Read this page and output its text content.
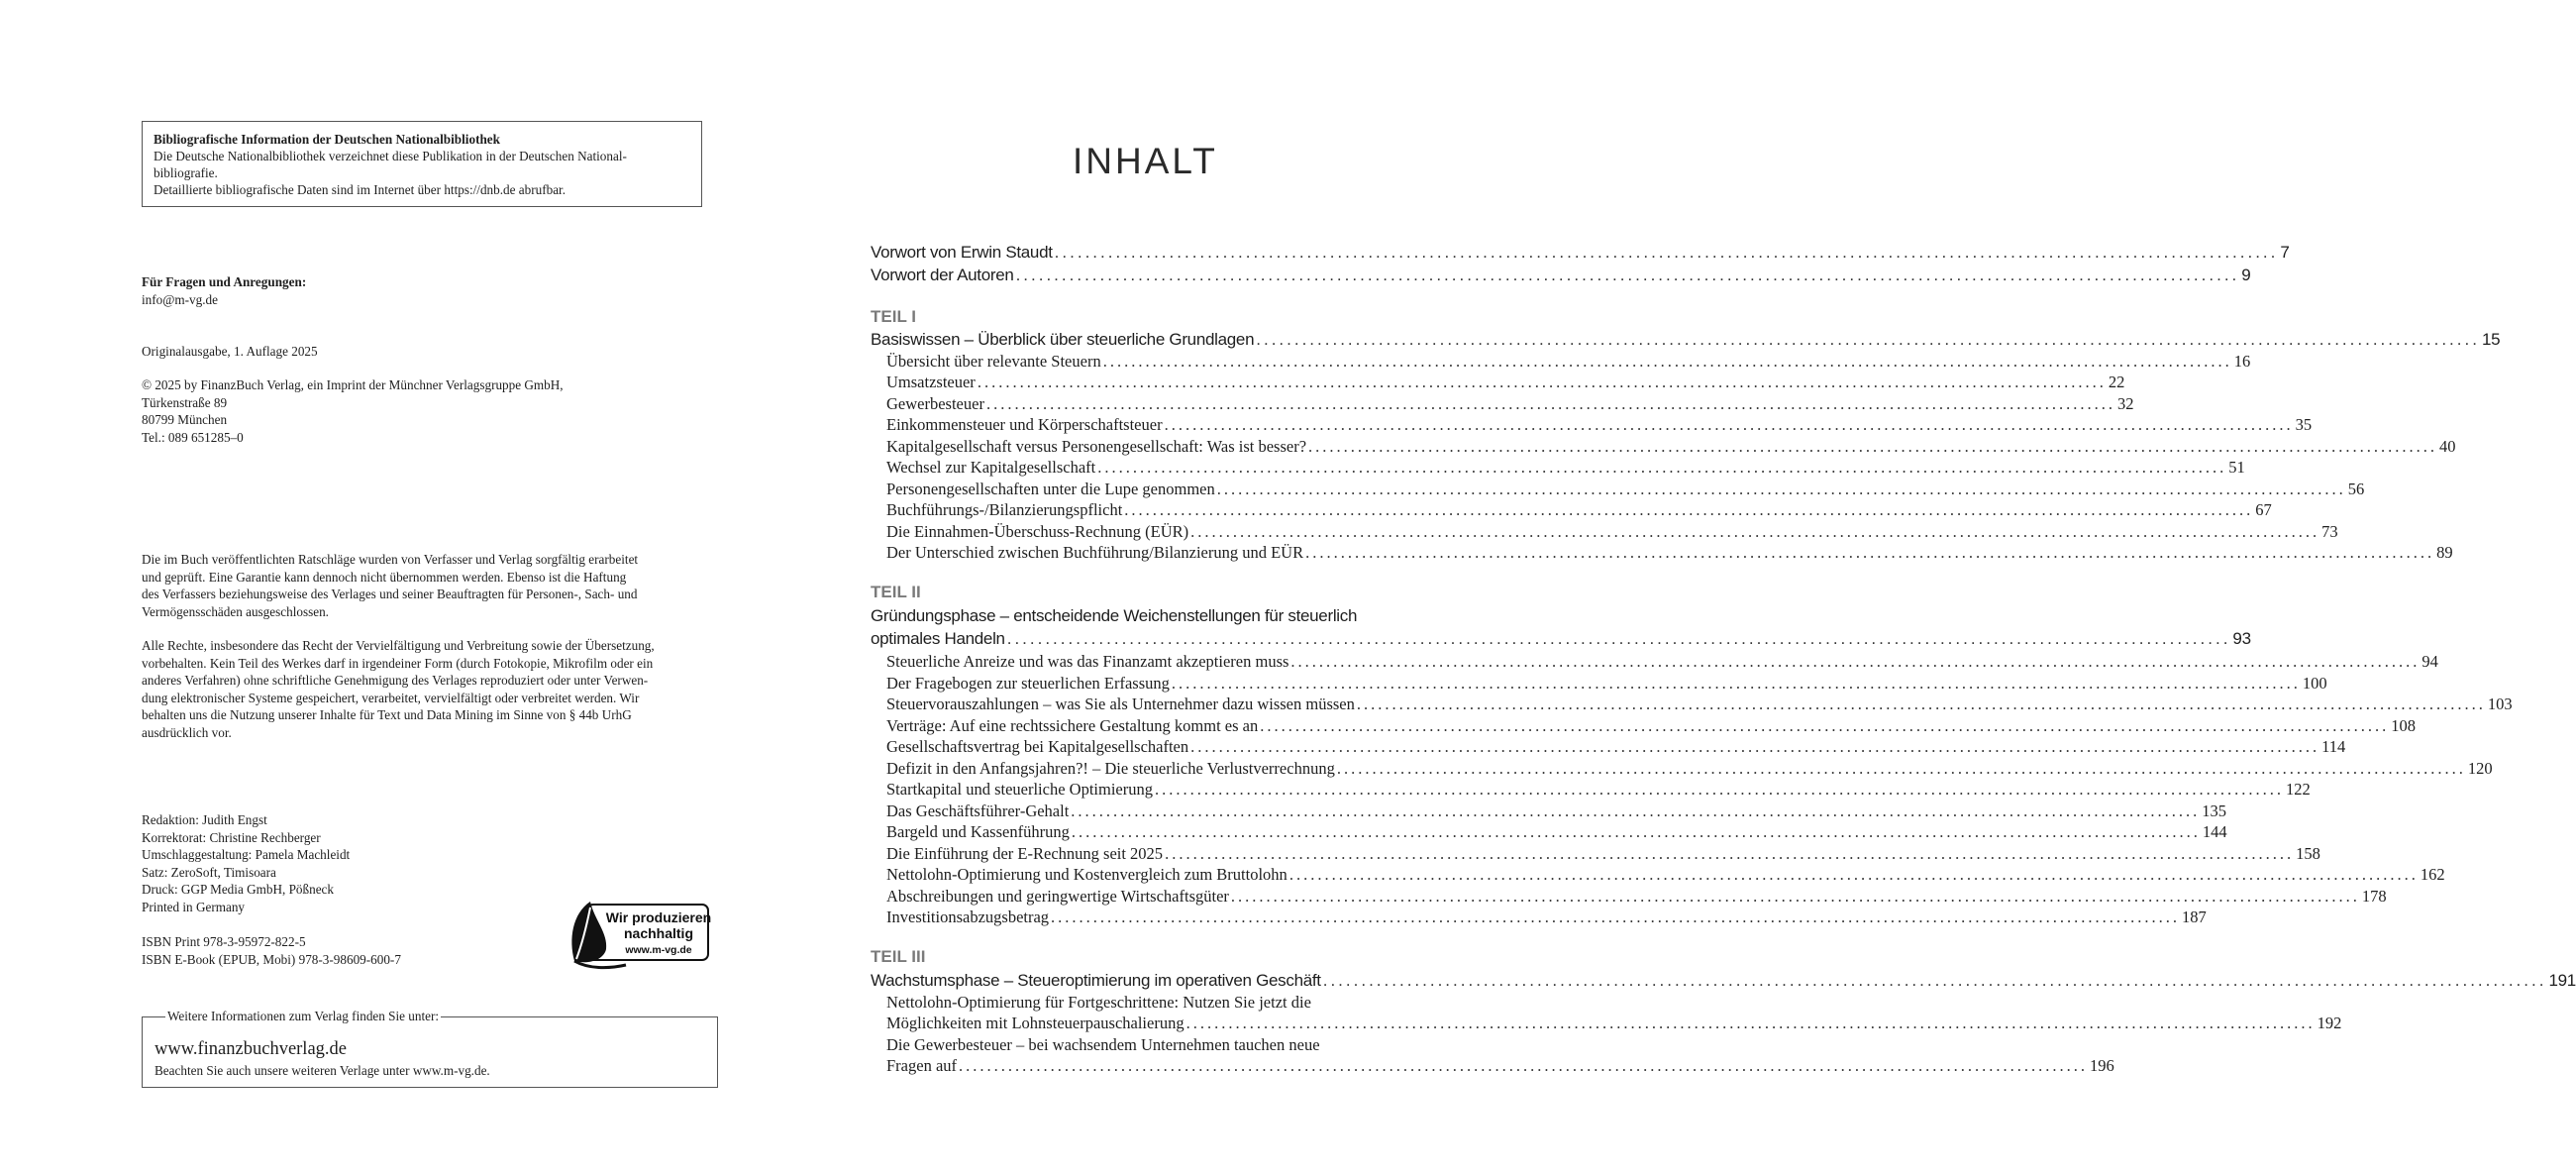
Bibliografische Information der Deutschen Nationalbibliothek
Die Deutsche Nationalbibliothek verzeichnet diese Publikation in der Deutschen National-
bibliografie.
Detaillierte bibliografische Daten sind im Internet über https://dnb.de abrufbar.
Für Fragen und Anregungen:
info@m-vg.de
Originalausgabe, 1. Auflage 2025
© 2025 by FinanzBuch Verlag, ein Imprint der Münchner Verlagsgruppe GmbH,
Türkenstraße 89
80799 München
Tel.: 089 651285–0
Die im Buch veröffentlichten Ratschläge wurden von Verfasser und Verlag sorgfältig erarbeitet
und geprüft. Eine Garantie kann dennoch nicht übernommen werden. Ebenso ist die Haftung
des Verfassers beziehungsweise des Verlages und seiner Beauftragten für Personen-, Sach- und
Vermögensschäden ausgeschlossen.
Alle Rechte, insbesondere das Recht der Vervielfältigung und Verbreitung sowie der Übersetzung,
vorbehalten. Kein Teil des Werkes darf in irgendeiner Form (durch Fotokopie, Mikrofilm oder ein
anderes Verfahren) ohne schriftliche Genehmigung des Verlages reproduziert oder unter Verwen-
dung elektronischer Systeme gespeichert, verarbeitet, vervielfältigt oder verbreitet werden. Wir
behalten uns die Nutzung unserer Inhalte für Text und Data Mining im Sinne von § 44b UrhG
ausdrücklich vor.
Redaktion: Judith Engst
Korrektorat: Christine Rechberger
Umschlaggestaltung: Pamela Machleidt
Satz: ZeroSoft, Timisoara
Druck: GGP Media GmbH, Pößneck
Printed in Germany
ISBN Print 978-3-95972-822-5
ISBN E-Book (EPUB, Mobi) 978-3-98609-600-7
Wir produzieren
nachhaltig
www.m-vg.de
Weitere Informationen zum Verlag finden Sie unter:
www.finanzbuchverlag.de
Beachten Sie auch unsere weiteren Verlage unter www.m-vg.de.
INHALT
Vorwort von Erwin Staudt ................................................................................................................................................................ 7
Vorwort der Autoren ................................................................................................................................................................ 9
TEIL I
Basiswissen – Überblick über steuerliche Grundlagen ................................................................................................................................................................ 15
Übersicht über relevante Steuern ................................................................................................................................................................ 16
Umsatzsteuer ................................................................................................................................................................ 22
Gewerbesteuer ................................................................................................................................................................ 32
Einkommensteuer und Körperschaftsteuer ................................................................................................................................................................ 35
Kapitalgesellschaft versus Personengesellschaft: Was ist besser? ................................................................................................................................................................ 40
Wechsel zur Kapitalgesellschaft ................................................................................................................................................................ 51
Personengesellschaften unter die Lupe genommen ................................................................................................................................................................ 56
Buchführungs-/Bilanzierungspflicht ................................................................................................................................................................ 67
Die Einnahmen-Überschuss-Rechnung (EÜR) ................................................................................................................................................................ 73
Der Unterschied zwischen Buchführung/Bilanzierung und EÜR ................................................................................................................................................................ 89
TEIL II
Gründungsphase – entscheidende Weichenstellungen für steuerlich
optimales Handeln ................................................................................................................................................................ 93
Steuerliche Anreize und was das Finanzamt akzeptieren muss ................................................................................................................................................................ 94
Der Fragebogen zur steuerlichen Erfassung ................................................................................................................................................................ 100
Steuervorauszahlungen – was Sie als Unternehmer dazu wissen müssen ................................................................................................................................................................ 103
Verträge: Auf eine rechtssichere Gestaltung kommt es an ................................................................................................................................................................ 108
Gesellschaftsvertrag bei Kapitalgesellschaften ................................................................................................................................................................ 114
Defizit in den Anfangsjahren?! – Die steuerliche Verlustverrechnung ................................................................................................................................................................ 120
Startkapital und steuerliche Optimierung ................................................................................................................................................................ 122
Das Geschäftsführer-Gehalt ................................................................................................................................................................ 135
Bargeld und Kassenführung ................................................................................................................................................................ 144
Die Einführung der E-Rechnung seit 2025 ................................................................................................................................................................ 158
Nettolohn-Optimierung und Kostenvergleich zum Bruttolohn ................................................................................................................................................................ 162
Abschreibungen und geringwertige Wirtschaftsgüter ................................................................................................................................................................ 178
Investitionsabzugsbetrag ................................................................................................................................................................ 187
TEIL III
Wachstumsphase – Steueroptimierung im operativen Geschäft ................................................................................................................................................................ 191
Nettolohn-Optimierung für Fortgeschrittene: Nutzen Sie jetzt die
Möglichkeiten mit Lohnsteuerpauschalierung ................................................................................................................................................................ 192
Die Gewerbesteuer – bei wachsendem Unternehmen tauchen neue
Fragen auf ................................................................................................................................................................ 196
